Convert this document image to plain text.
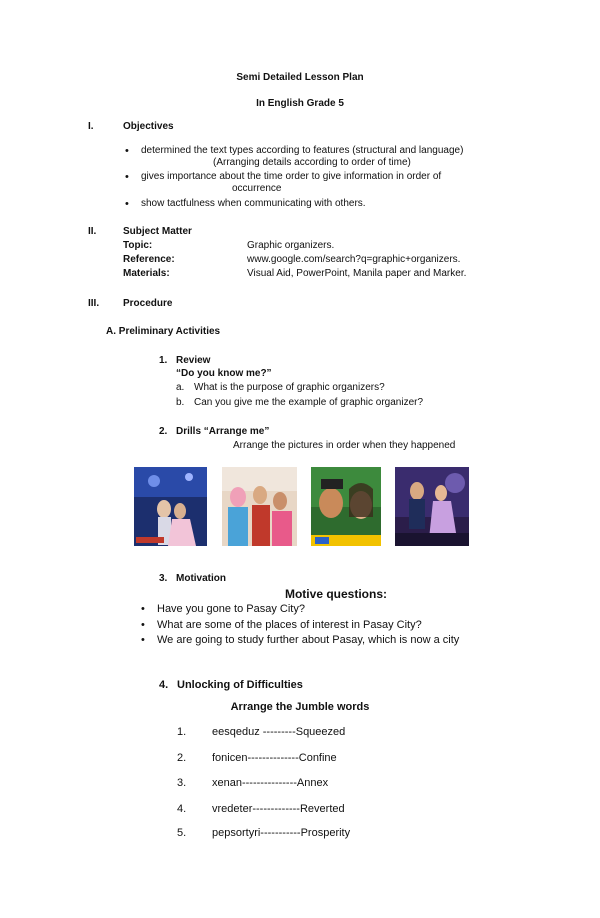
Semi Detailed Lesson Plan
In English Grade 5
I.	Objectives
• determined the text types according to features (structural and language)
(Arranging details according to order of time)
• gives importance about the time order to give information in order of
occurrence
• show tactfulness when communicating with others.
II.	Subject Matter
Topic:	Graphic organizers.
Reference:	www.google.com/search?q=graphic+organizers.
Materials:	Visual Aid, PowerPoint, Manila paper and Marker.
III. Procedure
A. Preliminary Activities
1. Review
“Do you know me?”
a. What is the purpose of graphic organizers?
b. Can you give me the example of graphic organizer?
2. Drills “Arrange me”
Arrange the pictures in order when they happened
3. Motivation
Motive questions:
• Have you gone to Pasay City?
• What are some of the places of interest in Pasay City?
• We are going to study further about Pasay, which is now a city
4. Unlocking of Difficulties
Arrange the Jumble words
1. eesqeduz ---------Squeezed
2. fonicen--------------Confine
3. xenan---------------Annex
4. vredeter-------------Reverted
5. pepsortyri-----------Prosperity
